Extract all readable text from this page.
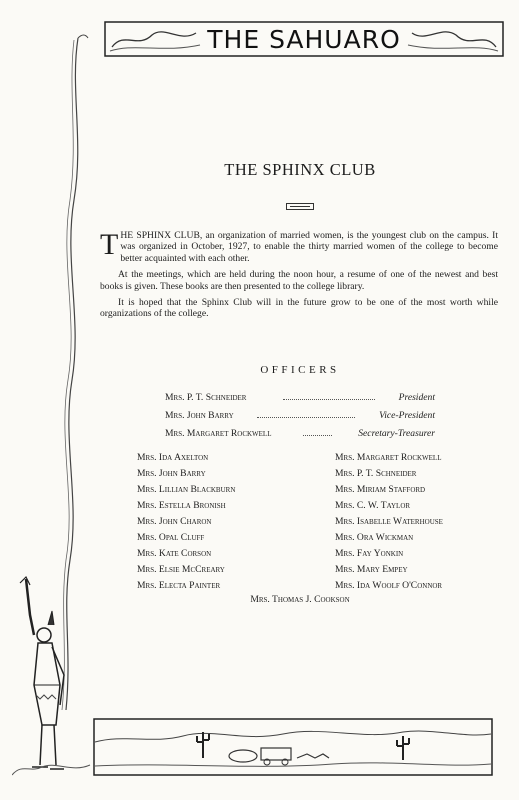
THE SAHUARO
THE SPHINX CLUB

THE SPHINX CLUB, an organization of married women, is the youngest club on the campus. It was organized in October, 1927, to enable the thirty married women of the college to become better acquainted with each other.

At the meetings, which are held during the noon hour, a resume of one of the newest and best books is given. These books are then presented to the college library.

It is hoped that the Sphinx Club will in the future grow to be one of the most worth while organizations of the college.

OFFICERS
Mrs. P. T. Schneider	President
Mrs. John Barry	Vice-President
Mrs. Margaret Rockwell	Secretary-Treasurer
Mrs. Ida Axelton
Mrs. John Barry
Mrs. Lillian Blackburn
Mrs. Estella Bronish
Mrs. John Charon
Mrs. Opal Cluff
Mrs. Kate Corson
Mrs. Elsie McCreary
Mrs. Electa Painter
Mrs. Margaret Rockwell
Mrs. P. T. Schneider
Mrs. Miriam Stafford
Mrs. C. W. Taylor
Mrs. Isabelle Waterhouse
Mrs. Ora Wickman
Mrs. Fay Yonkin
Mrs. Mary Empey
Mrs. Ida Woolf O'Connor
Mrs. Thomas J. Cookson
